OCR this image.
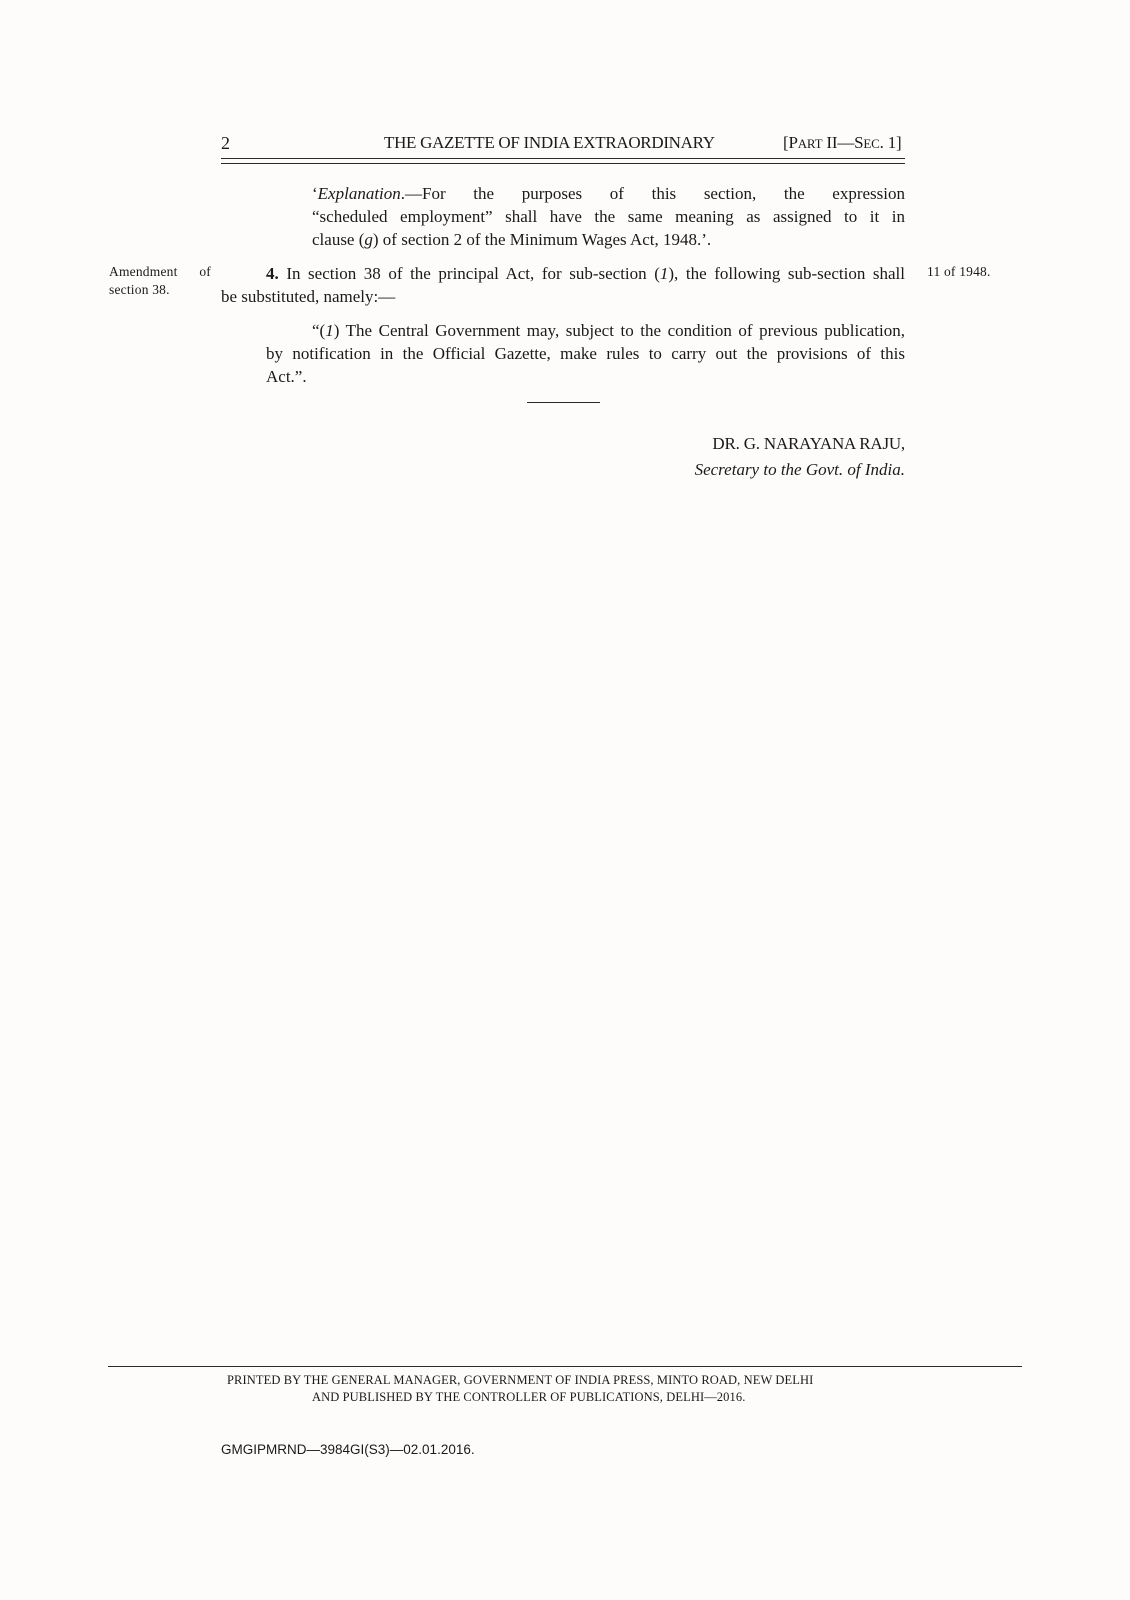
2	THE GAZETTE OF INDIA EXTRAORDINARY	[PART II—SEC. 1]
‘Explanation.—For the purposes of this section, the expression
“scheduled employment” shall have the same meaning as assigned to it in
clause (g) of section 2 of the Minimum Wages Act, 1948.’.
Amendment of
section 38.
11 of 1948.
4. In section 38 of the principal Act, for sub-section (1), the following sub-section shall
be substituted, namely:—
“(1) The Central Government may, subject to the condition of previous publication,
by notification in the Official Gazette, make rules to carry out the provisions of this
Act.”.
DR. G. NARAYANA RAJU,
Secretary to the Govt. of India.
PRINTED BY THE GENERAL MANAGER, GOVERNMENT OF INDIA PRESS, MINTO ROAD, NEW DELHI
AND PUBLISHED BY THE CONTROLLER OF PUBLICATIONS, DELHI—2016.
GMGIPMRND—3984GI(S3)—02.01.2016.
